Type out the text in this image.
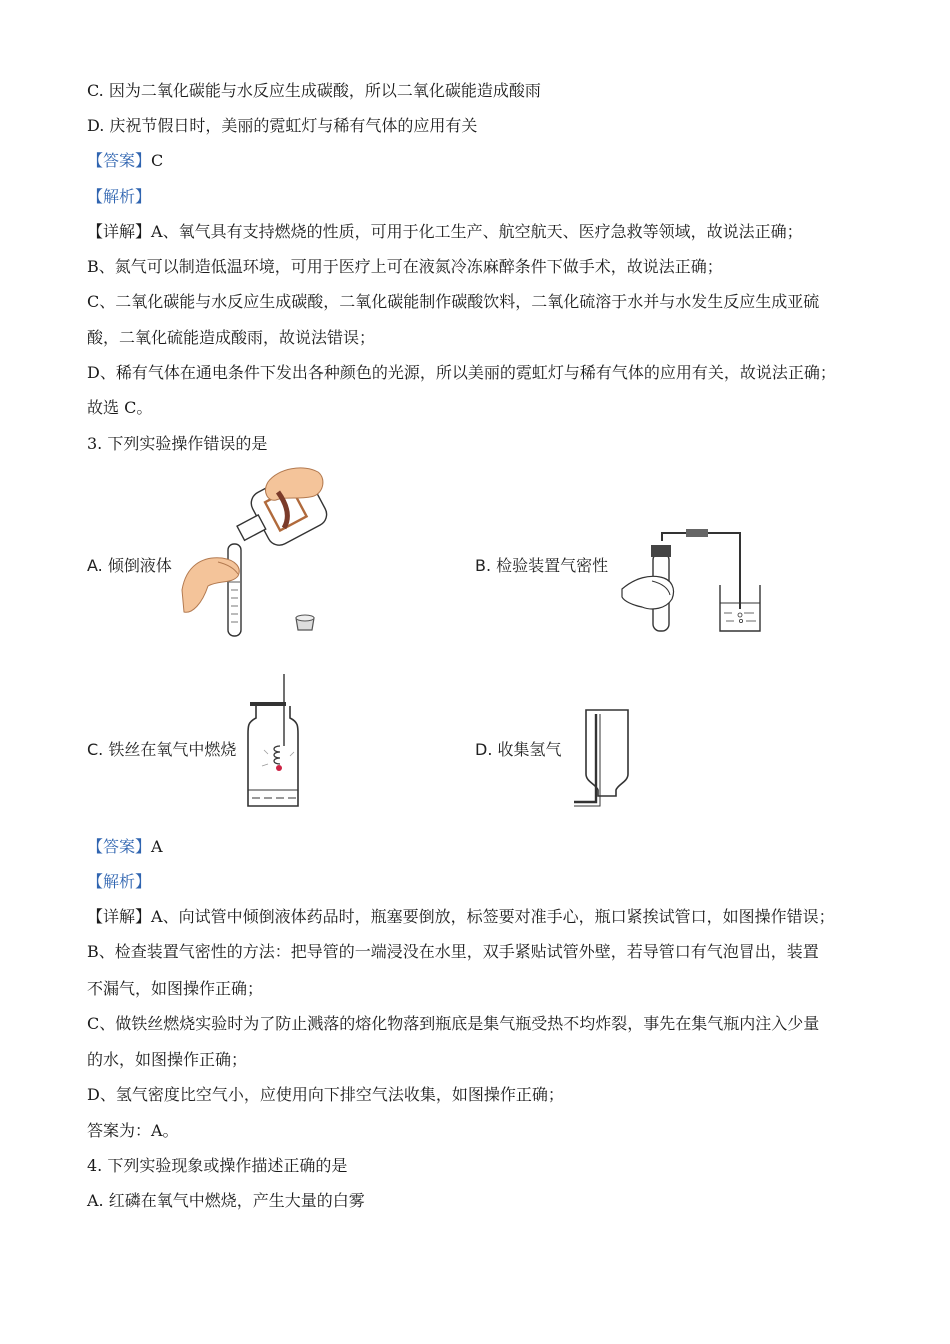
C. 因为二氧化碳能与水反应生成碳酸，所以二氧化碳能造成酸雨
D. 庆祝节假日时，美丽的霓虹灯与稀有气体的应用有关
【答案】C
【解析】
【详解】A、氧气具有支持燃烧的性质，可用于化工生产、航空航天、医疗急救等领域，故说法正确；
B、氮气可以制造低温环境，可用于医疗上可在液氮冷冻麻醉条件下做手术，故说法正确；
C、二氧化碳能与水反应生成碳酸，二氧化碳能制作碳酸饮料，二氧化硫溶于水并与水发生反应生成亚硫
酸，二氧化硫能造成酸雨，故说法错误；
D、稀有气体在通电条件下发出各种颜色的光源，所以美丽的霓虹灯与稀有气体的应用有关，故说法正确；
故选 C。
3. 下列实验操作错误的是
A. 倾倒液体	B. 检验装置气密性
C. 铁丝在氧气中燃烧	D. 收集氢气
【答案】A
【解析】
【详解】A、向试管中倾倒液体药品时，瓶塞要倒放，标签要对准手心，瓶口紧挨试管口，如图操作错误；
B、检查装置气密性的方法：把导管的一端浸没在水里，双手紧贴试管外壁，若导管口有气泡冒出，装置
不漏气，如图操作正确；
C、做铁丝燃烧实验时为了防止溅落的熔化物落到瓶底是集气瓶受热不均炸裂，事先在集气瓶内注入少量
的水，如图操作正确；
D、氢气密度比空气小，应使用向下排空气法收集，如图操作正确；
答案为：A。
4. 下列实验现象或操作描述正确的是
A. 红磷在氧气中燃烧，产生大量的白雾
